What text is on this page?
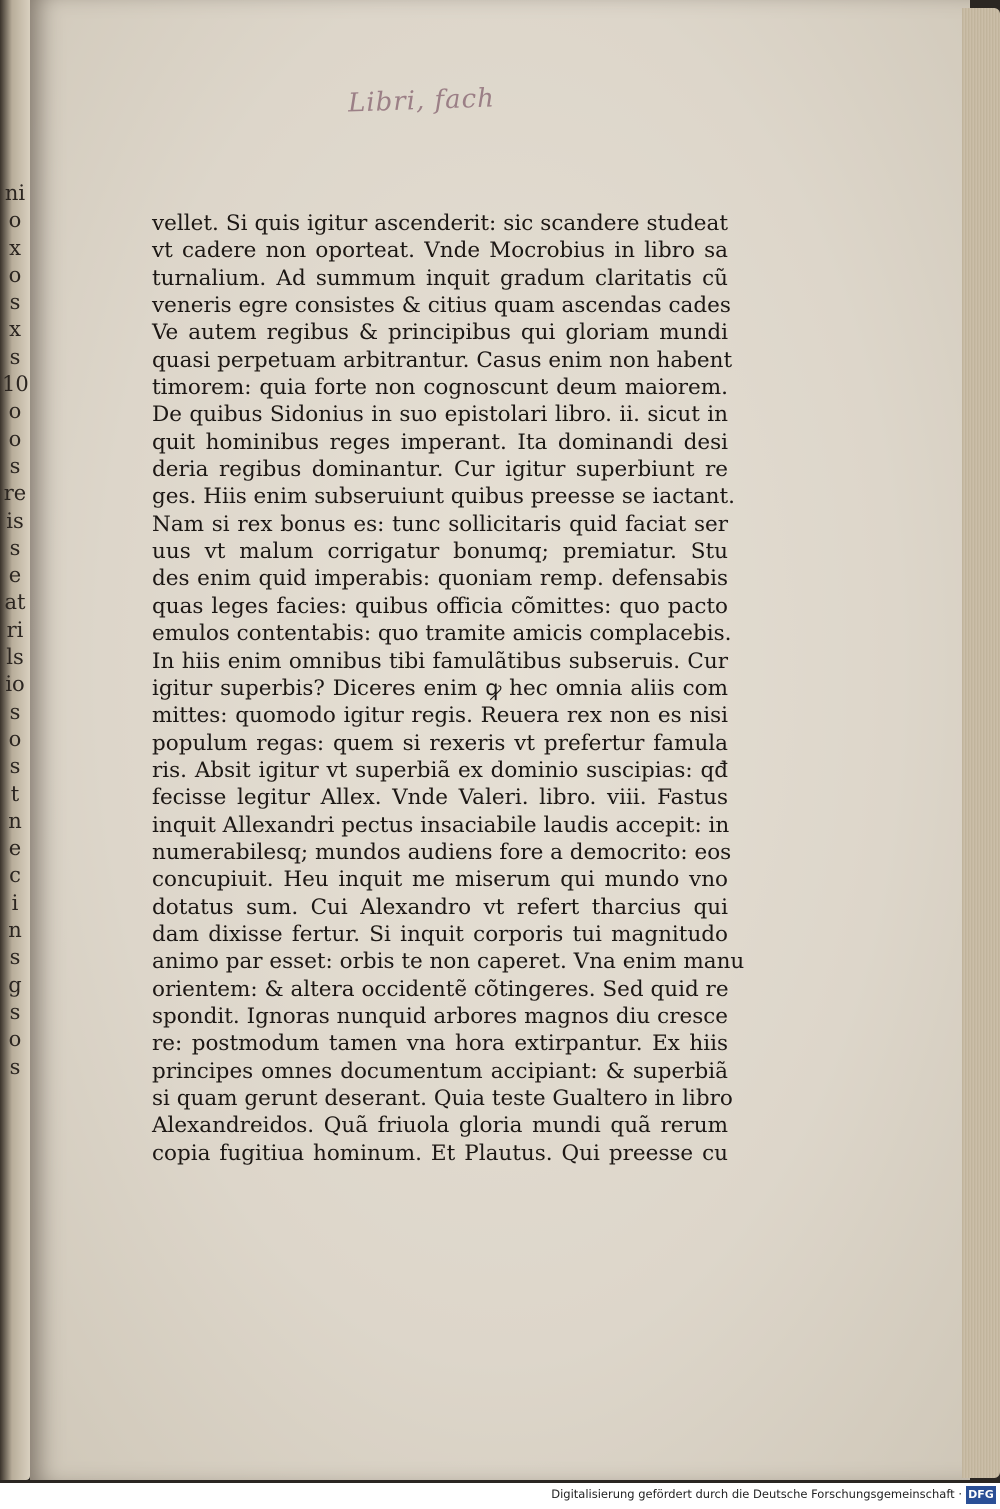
ni
o
x
o
s
x
s
10
o
o
s
re
is
s
e
at
ri
ls
io
s
o
s
t
n
e
c
i
n
s
g
s
o
s
Libri, fach
vellet. Si quis igitur ascenderit: sic scandere studeat
vt cadere non oporteat. Vnde Mocrobius in libro sa
turnalium. Ad summum inquit gradum claritatis cũ
veneris egre consistes & citius quam ascendas cades
Ve autem regibus & principibus qui gloriam mundi
quasi perpetuam arbitrantur. Casus enim non habent
timorem: quia forte non cognoscunt deum maiorem.
De quibus Sidonius in suo epistolari libro. ii. sicut in
quit hominibus reges imperant. Ita dominandi desi
deria regibus dominantur. Cur igitur superbiunt re
ges. Hiis enim subseruiunt quibus preesse se iactant.
Nam si rex bonus es: tunc sollicitaris quid faciat ser
uus vt malum corrigatur bonumq; premiatur. Stu
des enim quid imperabis: quoniam remp. defensabis
quas leges facies: quibus officia cõmittes: quo pacto
emulos contentabis: quo tramite amicis complacebis.
In hiis enim omnibus tibi famulãtibus subseruis. Cur
igitur superbis? Diceres enim ꝙ hec omnia aliis com
mittes: quomodo igitur regis. Reuera rex non es nisi
populum regas: quem si rexeris vt prefertur famula
ris. Absit igitur vt superbiã ex dominio suscipias: qđ
fecisse legitur Allex. Vnde Valeri. libro. viii. Fastus
inquit Allexandri pectus insaciabile laudis accepit: in
numerabilesq; mundos audiens fore a democrito: eos
concupiuit. Heu inquit me miserum qui mundo vno
dotatus sum. Cui Alexandro vt refert tharcius qui
dam dixisse fertur. Si inquit corporis tui magnitudo
animo par esset: orbis te non caperet. Vna enim manu
orientem: & altera occidentẽ cõtingeres. Sed quid re
spondit. Ignoras nunquid arbores magnos diu cresce
re: postmodum tamen vna hora extirpantur. Ex hiis
principes omnes documentum accipiant: & superbiã
si quam gerunt deserant. Quia teste Gualtero in libro
Alexandreidos. Quã friuola gloria mundi quã rerum
copia fugitiua hominum. Et Plautus. Qui preesse cu
Digitalisierung gefördert durch die Deutsche Forschungsgemeinschaft · DFG
